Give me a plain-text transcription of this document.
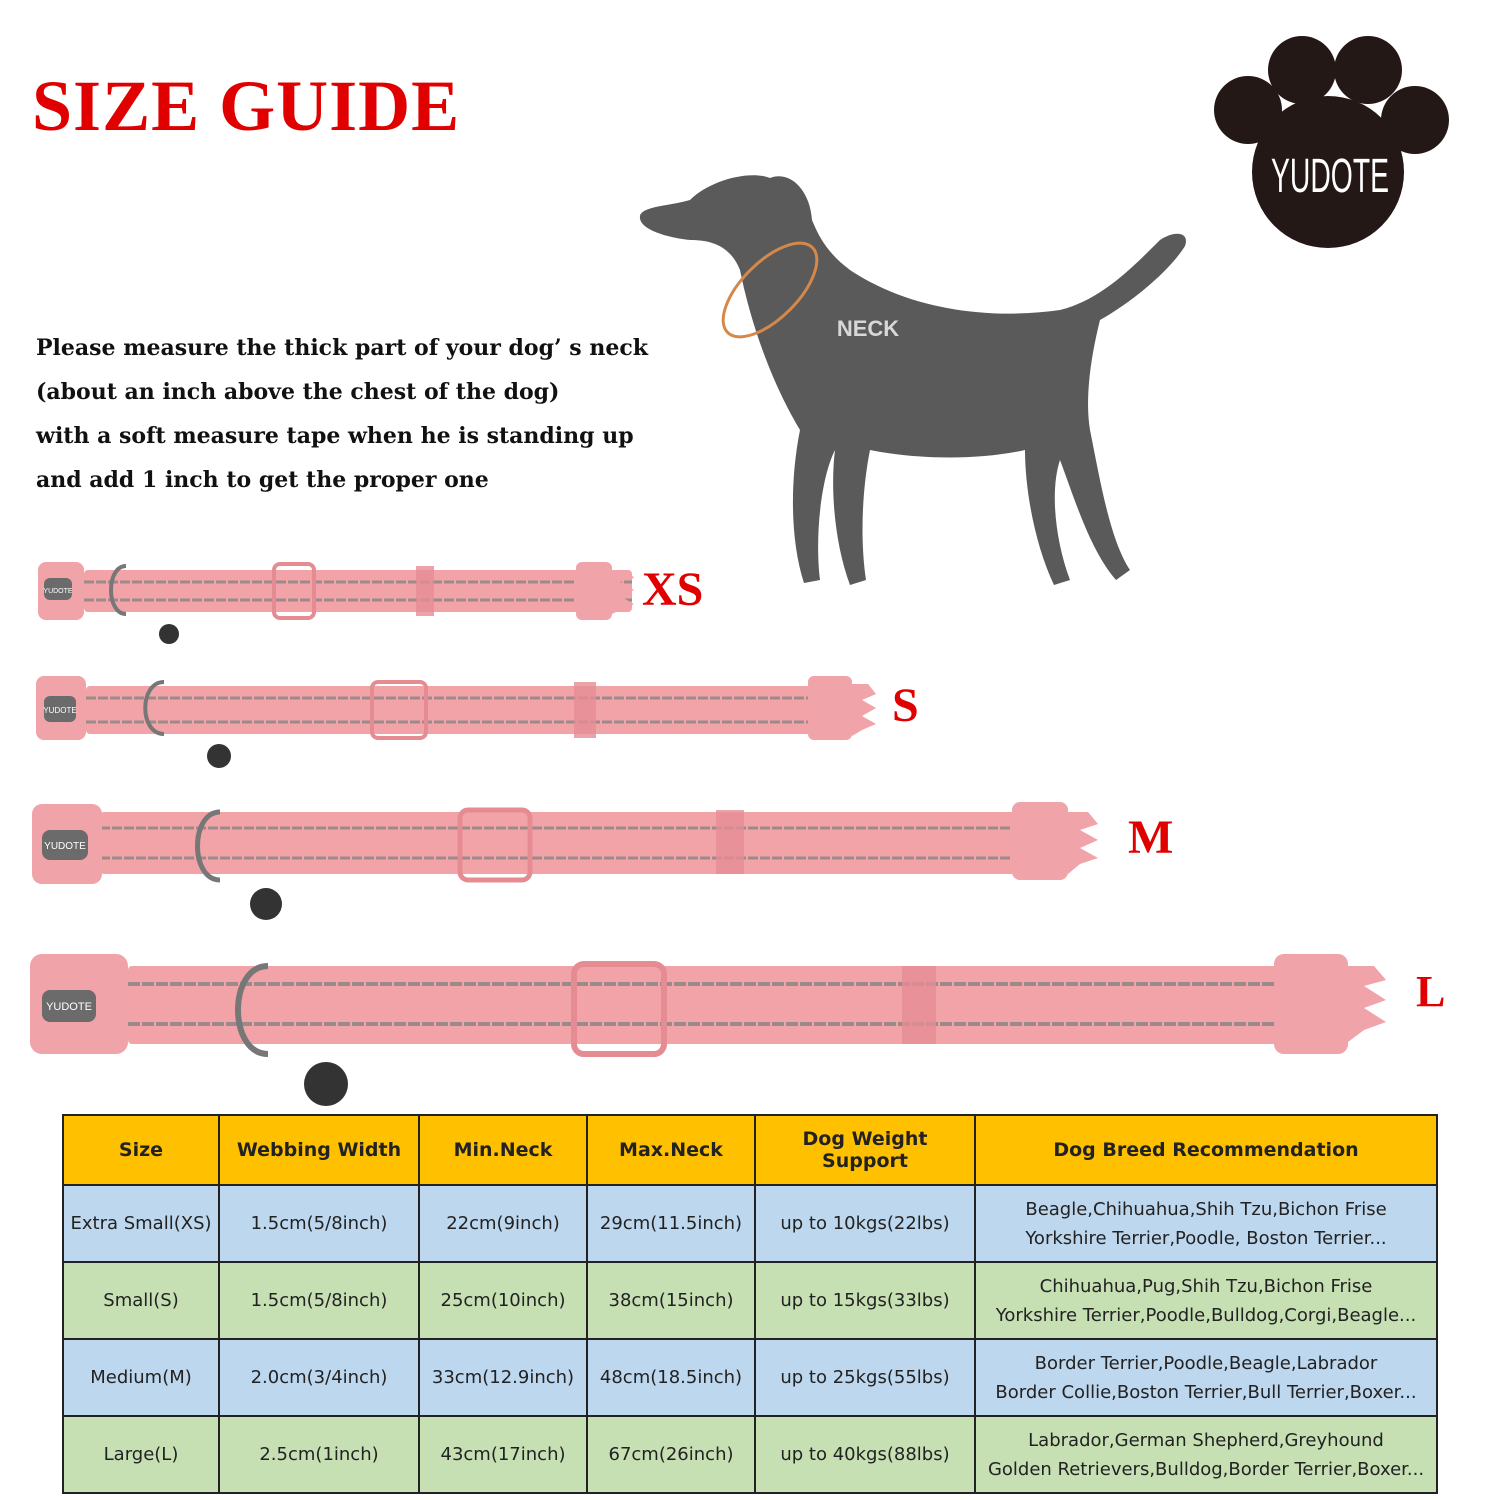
SIZE GUIDE
YUDOTE
NECK
Please measure the thick part of your dog’ s neck
(about an inch above the chest of the dog)
with a soft measure tape when he is standing up
and add 1 inch to get the proper one
YUDOTE	XS
YUDOTE	S
YUDOTE	M
YUDOTE	L
Size	Webbing Width	Min.Neck	Max.Neck	Dog Weight Support	Dog Breed Recommendation
Extra Small(XS)	1.5cm(5/8inch)	22cm(9inch)	29cm(11.5inch)	up to 10kgs(22lbs)	Beagle,Chihuahua,Shih Tzu,Bichon Frise
Yorkshire Terrier,Poodle, Boston Terrier...

Small(S)	1.5cm(5/8inch)	25cm(10inch)	38cm(15inch)	up to 15kgs(33lbs)	Chihuahua,Pug,Shih Tzu,Bichon Frise
Yorkshire Terrier,Poodle,Bulldog,Corgi,Beagle...

Medium(M)	2.0cm(3/4inch)	33cm(12.9inch)	48cm(18.5inch)	up to 25kgs(55lbs)	Border Terrier,Poodle,Beagle,Labrador
Border Collie,Boston Terrier,Bull Terrier,Boxer...

Large(L)	2.5cm(1inch)	43cm(17inch)	67cm(26inch)	up to 40kgs(88lbs)	Labrador,German Shepherd,Greyhound
Golden Retrievers,Bulldog,Border Terrier,Boxer...
